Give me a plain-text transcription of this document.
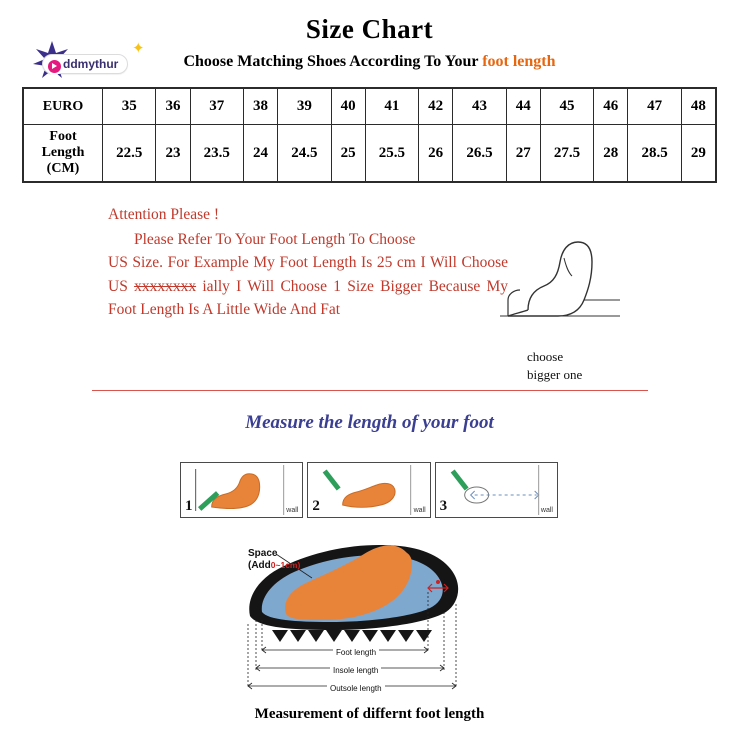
Size Chart
✦
ddmythur	Choose Matching Shoes According To Your foot length
EURO	35	36	37	38	39	40	41	42	43	44	45	46	47	48

Foot
Length
(CM)	22.5	23	23.5	24	24.5	25	25.5	26	26.5	27	27.5	28	28.5	29
Attention Please !
Please Refer To Your Foot Length To Choose
US Size. For Example My Foot Length Is 25 cm I Will Choose US xxxxxxxx ially I Will Choose 1 Size Bigger Because My Foot Length Is A Little Wide And Fat
choose
bigger one
Measure the length of your foot
1	wall 2	wall 3	wall
Space
(Add0~1cm)
Foot length
Insole length
Outsole length
Measurement of differnt foot length
